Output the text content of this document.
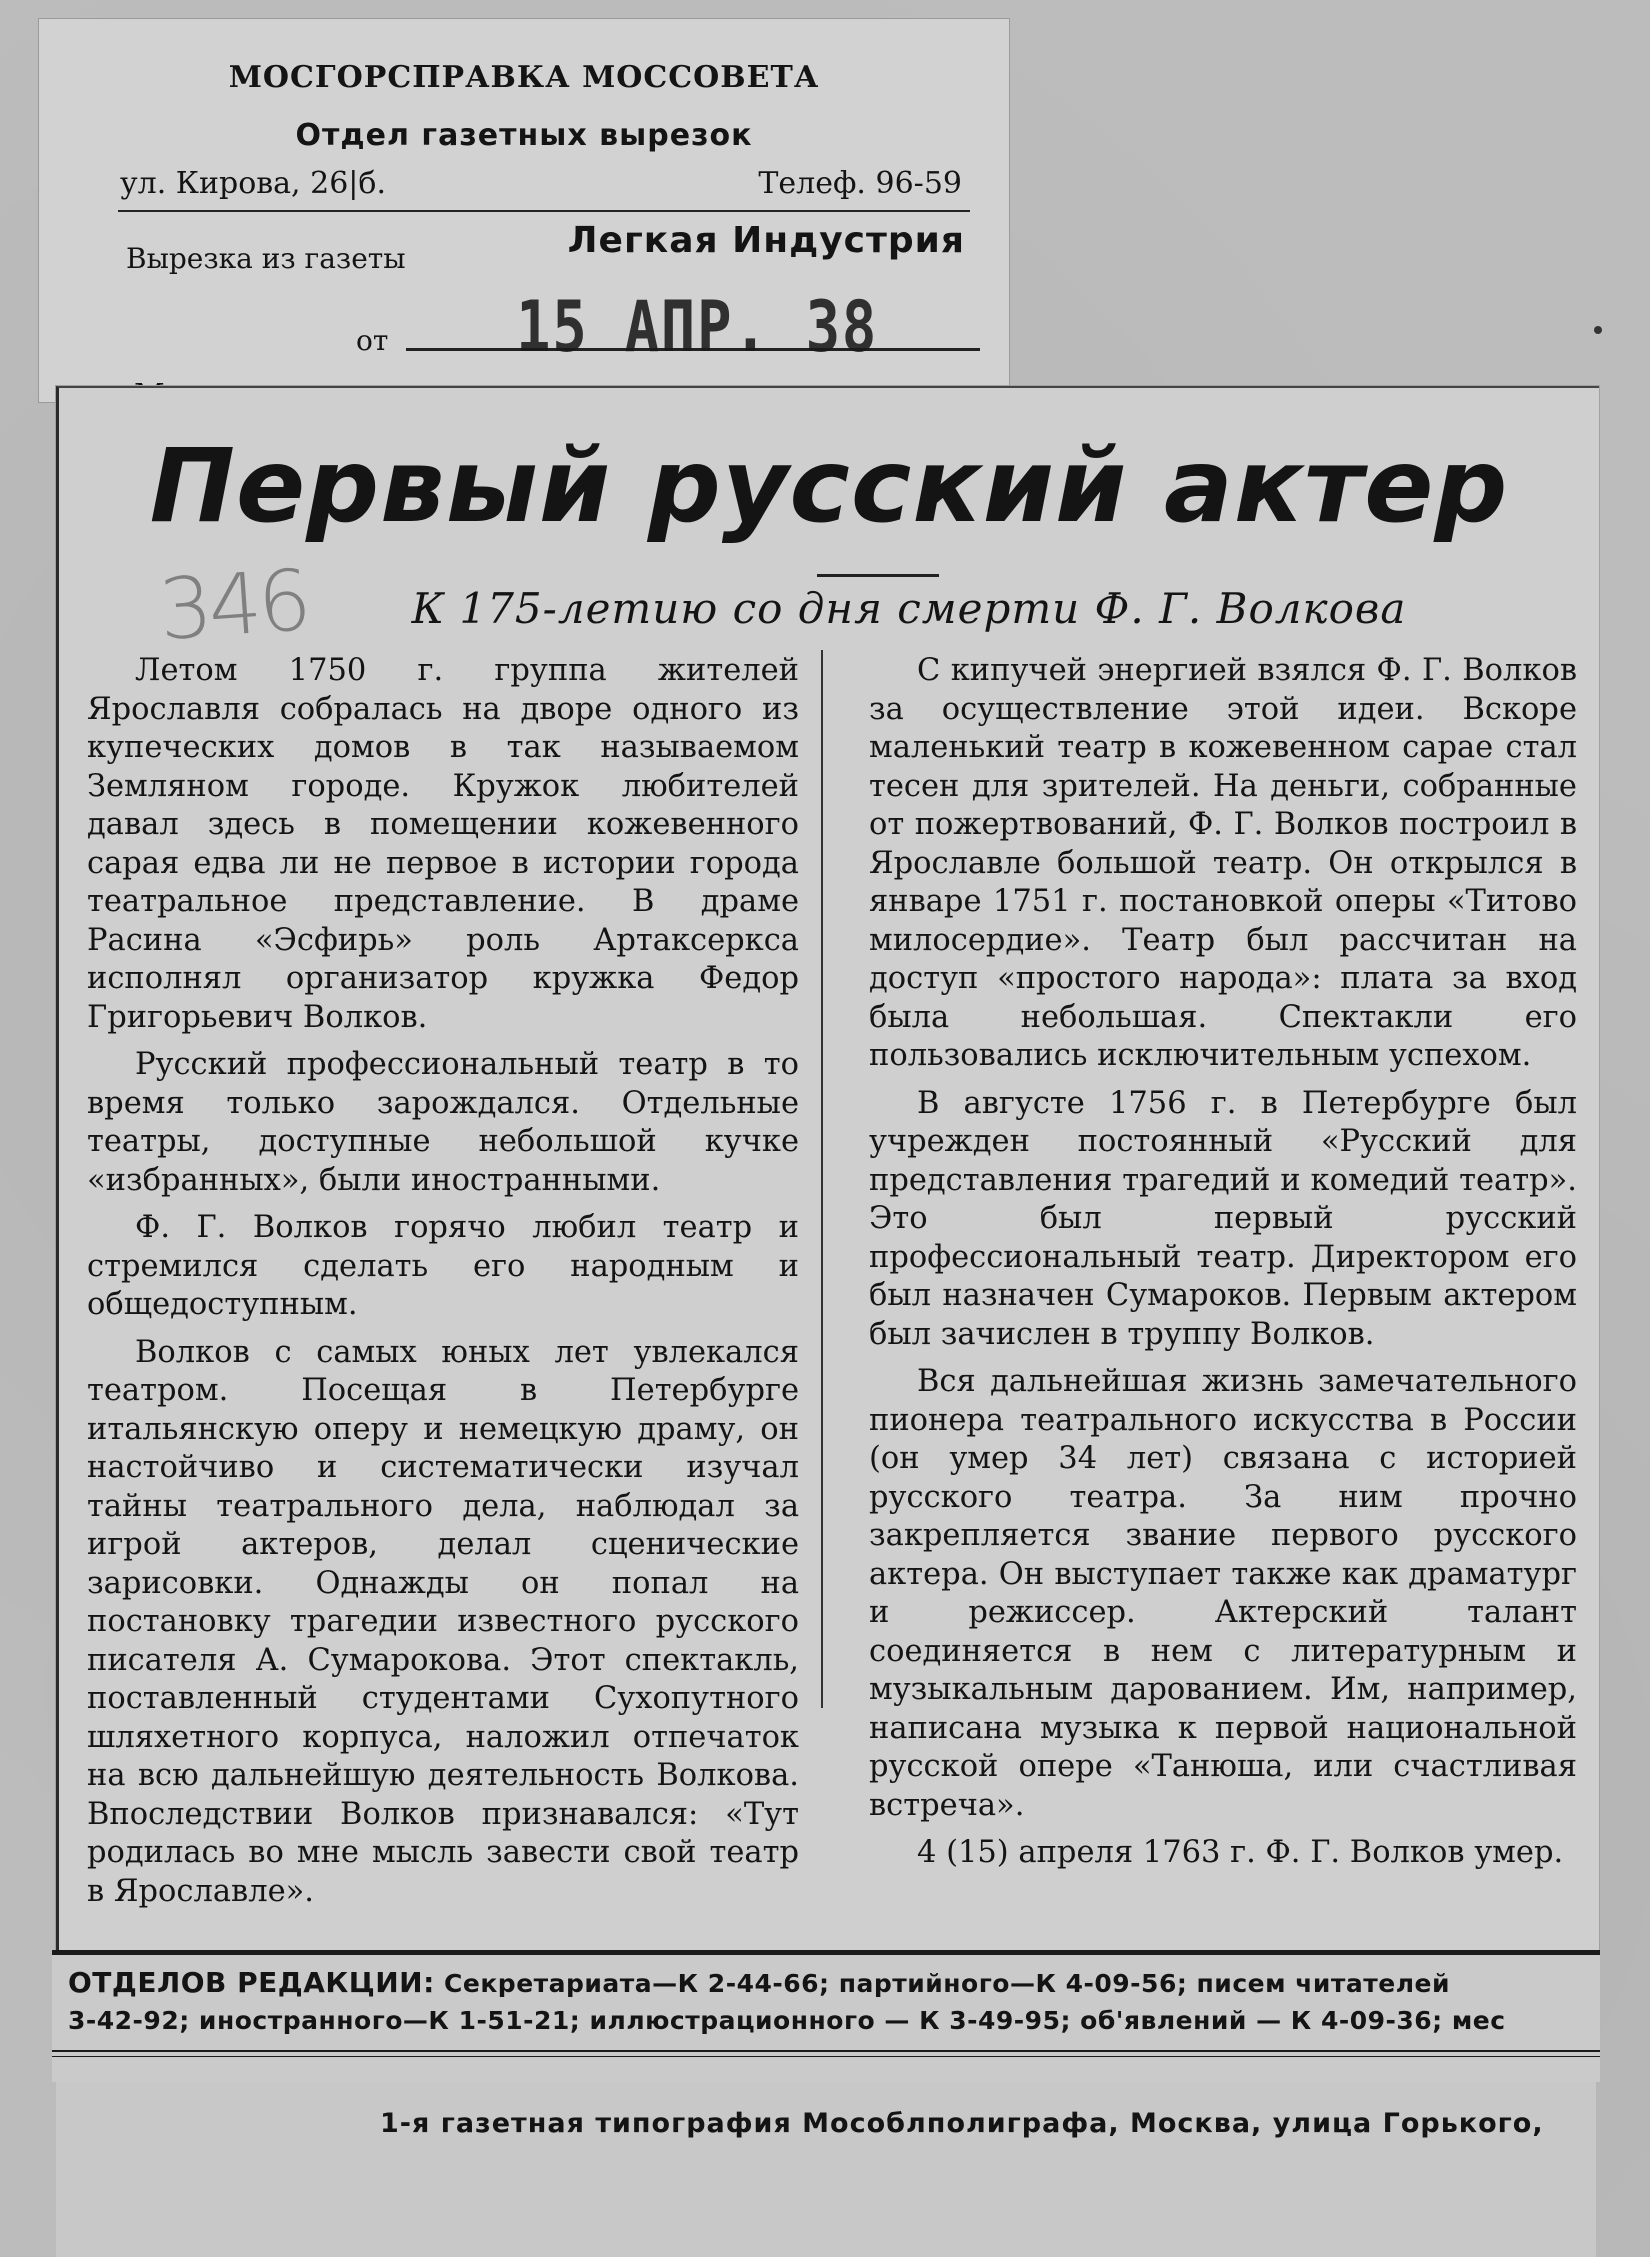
МОСГОРСПРАВКА МОССОВЕТА
Отдел газетных вырезок
ул. Кирова, 26|б.	Телеф. 96-59
Вырезка из газеты	Легкая Индустрия
от 15 АПР. 38
Первый русский актер
346	К 175-летию со дня смерти Ф. Г. Волкова

Летом 1750 г. группа жителей Ярославля собралась на дворе одного из купеческих домов в так называемом Земляном городе. Кружок любителей давал здесь в помещении кожевенного сарая едва ли не первое в истории города театральное представление. В драме Расина «Эсфирь» роль Артаксеркса исполнял организатор кружка Федор Григорьевич Волков.

Русский профессиональный театр в то время только зарождался. Отдельные театры, доступные небольшой кучке «избранных», были иностранными.

Ф. Г. Волков горячо любил театр и стремился сделать его народным и общедоступным.

Волков с самых юных лет увлекался театром. Посещая в Петербурге итальянскую оперу и немецкую драму, он настойчиво и систематически изучал тайны театрального дела, наблюдал за игрой актеров, делал сценические зарисовки. Однажды он попал на постановку трагедии известного русского писателя А. Сумарокова. Этот спектакль, поставленный студентами Сухопутного шляхетного корпуса, наложил отпечаток на всю дальнейшую деятельность Волкова. Впоследствии Волков признавался: «Тут родилась во мне мысль завести свой театр в Ярославле».

С кипучей энергией взялся Ф. Г. Волков за осуществление этой идеи. Вскоре маленький театр в кожевенном сарае стал тесен для зрителей. На деньги, собранные от пожертвований, Ф. Г. Волков построил в Ярославле большой театр. Он открылся в январе 1751 г. постановкой оперы «Титово милосердие». Театр был рассчитан на доступ «простого народа»: плата за вход была небольшая. Спектакли его пользовались исключительным успехом.

В августе 1756 г. в Петербурге был учрежден постоянный «Русский для представления трагедий и комедий театр». Это был первый русский профессиональный театр. Директором его был назначен Сумароков. Первым актером был зачислен в труппу Волков.

Вся дальнейшая жизнь замечательного пионера театрального искусства в России (он умер 34 лет) связана с историей русского театра. За ним прочно закрепляется звание первого русского актера. Он выступает также как драматург и режиссер. Актерский талант соединяется в нем с литературным и музыкальным дарованием. Им, например, написана музыка к первой национальной русской опере «Танюша, или счастливая встреча».

4 (15) апреля 1763 г. Ф. Г. Волков умер.

ОТДЕЛОВ РЕДАКЦИИ: Секретариата—К 2-44-66; партийного—К 4-09-56; писем читателей
3-42-92; иностранного—К 1-51-21; иллюстрационного — К 3-49-95; об'явлений — К 4-09-36; мес
1-я газетная типография Мособлполиграфа, Москва, улица Горького,
